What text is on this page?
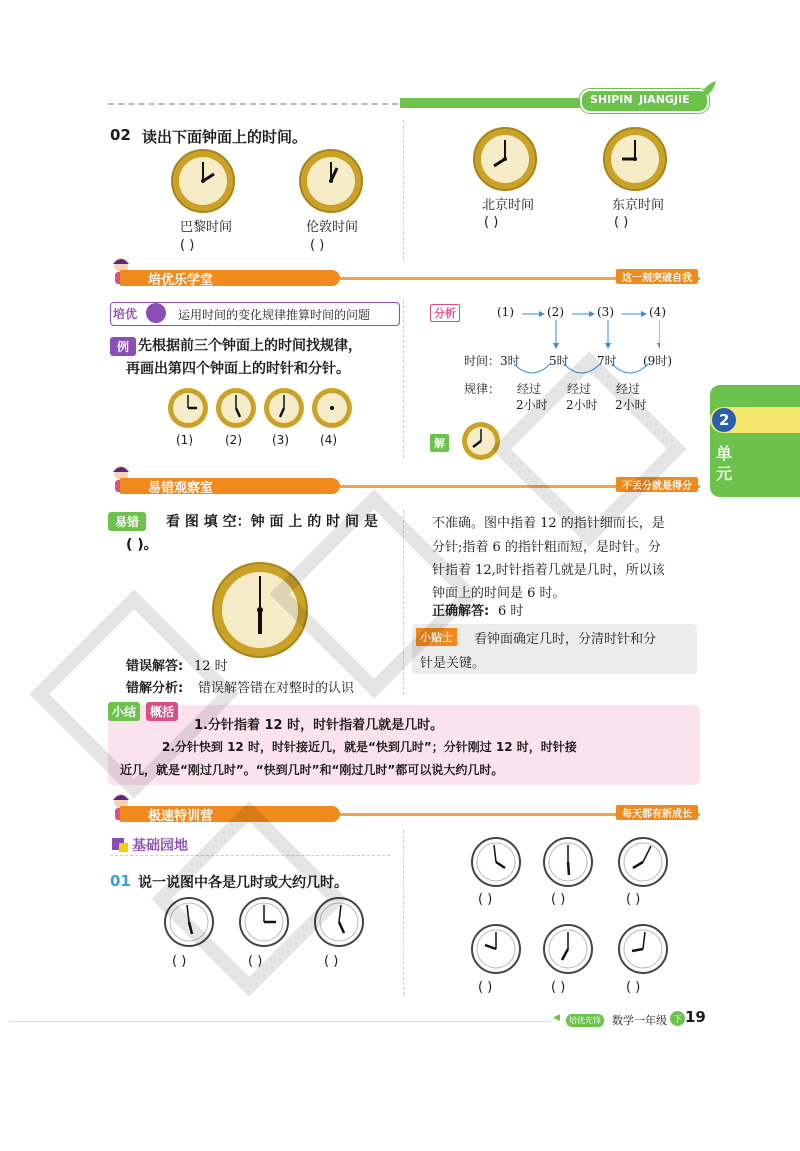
SHIPIN JIANGJIE
02 读出下面钟面上的时间。
巴黎时间
( )
伦敦时间
( )
北京时间
( )
东京时间
( )
培优乐学堂	这一刻突破自我
培优	运用时间的变化规律推算时间的问题
例 先根据前三个钟面上的时间找规律，
再画出第四个钟面上的时针和分针。
(1)	(2)	(3)	(4)
分析	(1)	(2)	(3)	(4)
时间： 3时 5时 7时 (9时)
规律： 经过 经过 经过
2小时 2小时 2小时
解
易错观察室	不丢分就是得分
易错	看 图 填 空：钟 面 上 的 时 间 是
( )。
错误解答: 12 时
错解分析: 错误解答错在对整时的认识
不准确。图中指着 12 的指针细而长，是
分针;指着 6 的指针粗而短，是时针。分
针指着 12,时针指着几就是几时，所以该
钟面上的时间是 6 时。
正确解答: 6 时
小贴士	看钟面确定几时，分清时针和分
针是关键。
小结	概括
1.分针指着 12 时，时针指着几就是几时。
2.分针快到 12 时，时针接近几，就是“快到几时”；分针刚过 12 时，时针接
近几，就是“刚过几时”。“快到几时”和“刚过几时”都可以说大约几时。
极速特训营	每天都有新成长
基础园地
01 说一说图中各是几时或大约几时。
( )	( )	( )
( )	( )	( )
( )	( )	( )
2
单
元
◀	培优先锋 数学一年级 下 19
